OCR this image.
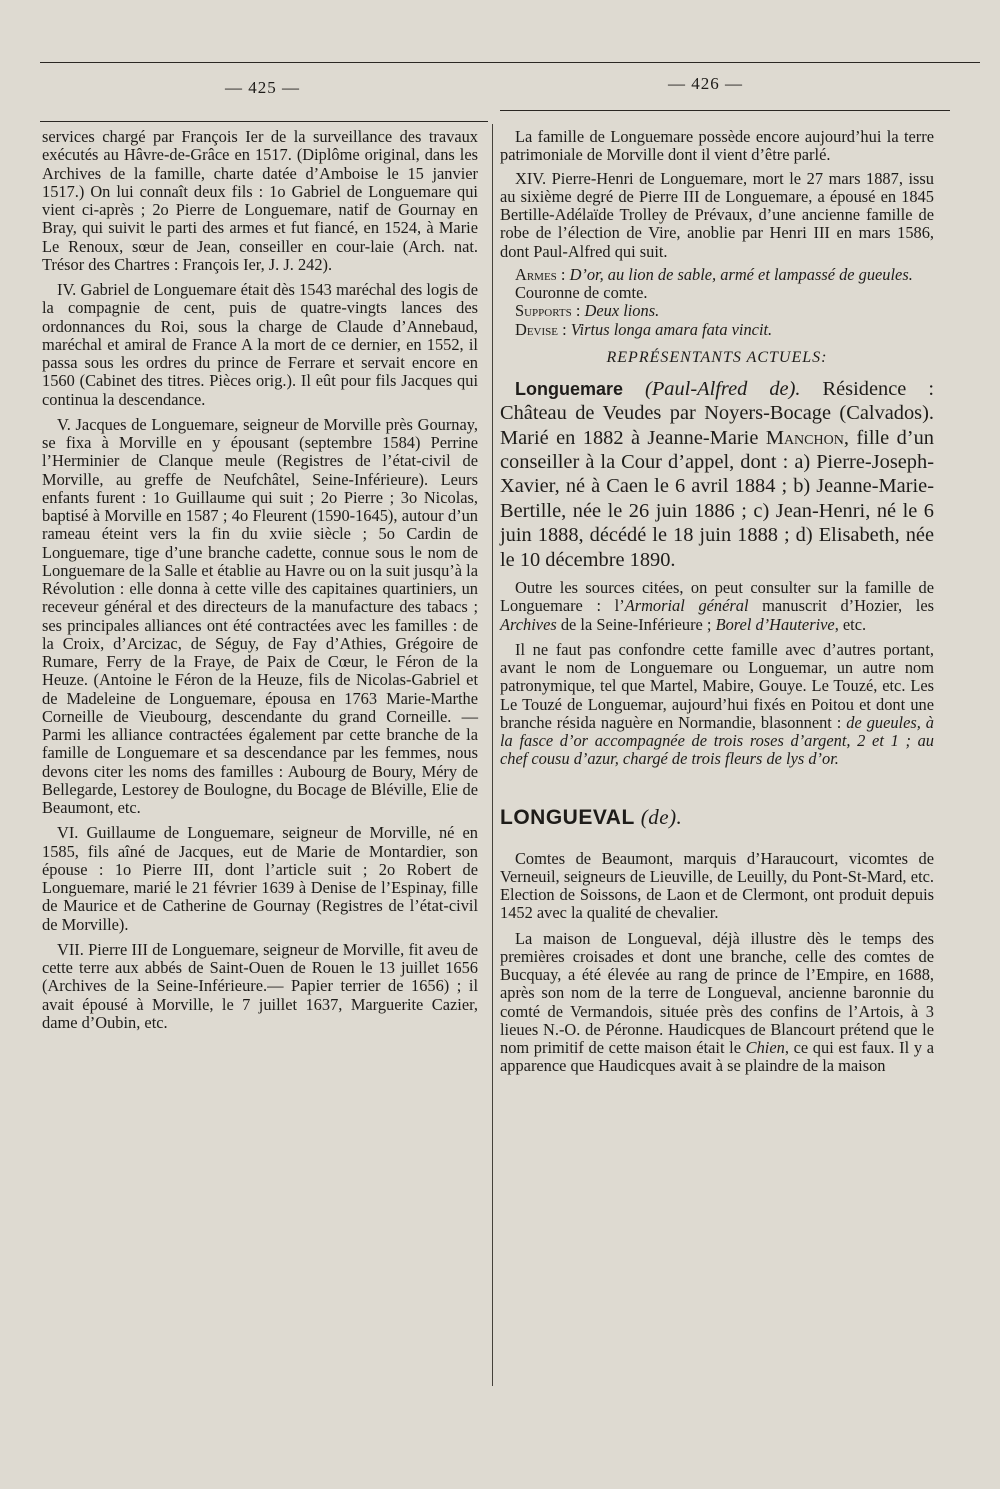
— 425 —	— 426 —

services chargé par François Ier de la surveillance des travaux exécutés au Hâvre-de-Grâce en 1517. (Diplôme original, dans les Archives de la famille, charte datée d’Amboise le 15 janvier 1517.) On lui connaît deux fils : 1o Gabriel de Longuemare qui vient ci-après ; 2o Pierre de Longuemare, natif de Gournay en Bray, qui suivit le parti des armes et fut fiancé, en 1524, à Marie Le Renoux, sœur de Jean, conseiller en cour-laie (Arch. nat. Trésor des Chartres : François Ier, J. J. 242).

IV. Gabriel de Longuemare était dès 1543 maréchal des logis de la compagnie de cent, puis de quatre-vingts lances des ordonnances du Roi, sous la charge de Claude d’Annebaud, maréchal et amiral de France A la mort de ce dernier, en 1552, il passa sous les ordres du prince de Ferrare et servait encore en 1560 (Cabinet des titres. Pièces orig.). Il eût pour fils Jacques qui continua la descendance.

V. Jacques de Longuemare, seigneur de Morville près Gournay, se fixa à Morville en y épousant (septembre 1584) Perrine l’Herminier de Clanque meule (Registres de l’état-civil de Morville, au greffe de Neufchâtel, Seine-Inférieure). Leurs enfants furent : 1o Guillaume qui suit ; 2o Pierre ; 3o Nicolas, baptisé à Morville en 1587 ; 4o Fleurent (1590-1645), autour d’un rameau éteint vers la fin du xviie siècle ; 5o Cardin de Longuemare, tige d’une branche cadette, connue sous le nom de Longuemare de la Salle et établie au Havre ou on la suit jusqu’à la Révolution : elle donna à cette ville des capitaines quartiniers, un receveur général et des directeurs de la manufacture des tabacs ; ses principales alliances ont été contractées avec les familles : de la Croix, d’Arcizac, de Séguy, de Fay d’Athies, Grégoire de Rumare, Ferry de la Fraye, de Paix de Cœur, le Féron de la Heuze. (Antoine le Féron de la Heuze, fils de Nicolas-Gabriel et de Madeleine de Longuemare, épousa en 1763 Marie-Marthe Corneille de Vieubourg, descendante du grand Corneille. — Parmi les alliance contractées également par cette branche de la famille de Longuemare et sa descendance par les femmes, nous devons citer les noms des familles : Aubourg de Boury, Méry de Bellegarde, Lestorey de Boulogne, du Bocage de Bléville, Elie de Beaumont, etc.

VI. Guillaume de Longuemare, seigneur de Morville, né en 1585, fils aîné de Jacques, eut de Marie de Montardier, son épouse : 1o Pierre III, dont l’article suit ; 2o Robert de Longuemare, marié le 21 février 1639 à Denise de l’Espinay, fille de Maurice et de Catherine de Gournay (Registres de l’état-civil de Morville).

VII. Pierre III de Longuemare, seigneur de Morville, fit aveu de cette terre aux abbés de Saint-Ouen de Rouen le 13 juillet 1656 (Archives de la Seine-Inférieure.— Papier terrier de 1656) ; il avait épousé à Morville, le 7 juillet 1637, Marguerite Cazier, dame d’Oubin, etc.

La famille de Longuemare possède encore aujourd’hui la terre patrimoniale de Morville dont il vient d’être parlé.

XIV. Pierre-Henri de Longuemare, mort le 27 mars 1887, issu au sixième degré de Pierre III de Longuemare, a épousé en 1845 Bertille-Adélaïde Trolley de Prévaux, d’une ancienne famille de robe de l’élection de Vire, anoblie par Henri III en mars 1586, dont Paul-Alfred qui suit.

Armes : D’or, au lion de sable, armé et lampassé de gueules.

Couronne de comte.

Supports : Deux lions.

Devise : Virtus longa amara fata vincit.

REPRÉSENTANTS ACTUELS:

Longuemare (Paul-Alfred de). Résidence : Château de Veudes par Noyers-Bocage (Calvados). Marié en 1882 à Jeanne-Marie Manchon, fille d’un conseiller à la Cour d’appel, dont : a) Pierre-Joseph-Xavier, né à Caen le 6 avril 1884 ; b) Jeanne-Marie-Bertille, née le 26 juin 1886 ; c) Jean-Henri, né le 6 juin 1888, décédé le 18 juin 1888 ; d) Elisabeth, née le 10 décembre 1890.

Outre les sources citées, on peut consulter sur la famille de Longuemare : l’Armorial général manuscrit d’Hozier, les Archives de la Seine-Inférieure ; Borel d’Hauterive, etc.

Il ne faut pas confondre cette famille avec d’autres portant, avant le nom de Longuemare ou Longuemar, un autre nom patronymique, tel que Martel, Mabire, Gouye. Le Touzé, etc. Les Le Touzé de Longuemar, aujourd’hui fixés en Poitou et dont une branche résida naguère en Normandie, blasonnent : de gueules, à la fasce d’or accompagnée de trois roses d’argent, 2 et 1 ; au chef cousu d’azur, chargé de trois fleurs de lys d’or.

LONGUEVAL (de).

Comtes de Beaumont, marquis d’Haraucourt, vicomtes de Verneuil, seigneurs de Lieuville, de Leuilly, du Pont-St-Mard, etc. Election de Soissons, de Laon et de Clermont, ont produit depuis 1452 avec la qualité de chevalier.

La maison de Longueval, déjà illustre dès le temps des premières croisades et dont une branche, celle des comtes de Bucquay, a été élevée au rang de prince de l’Empire, en 1688, après son nom de la terre de Longueval, ancienne baronnie du comté de Vermandois, située près des confins de l’Artois, à 3 lieues N.-O. de Péronne. Haudicques de Blancourt prétend que le nom primitif de cette maison était le Chien, ce qui est faux. Il y a apparence que Haudicques avait à se plaindre de la maison
